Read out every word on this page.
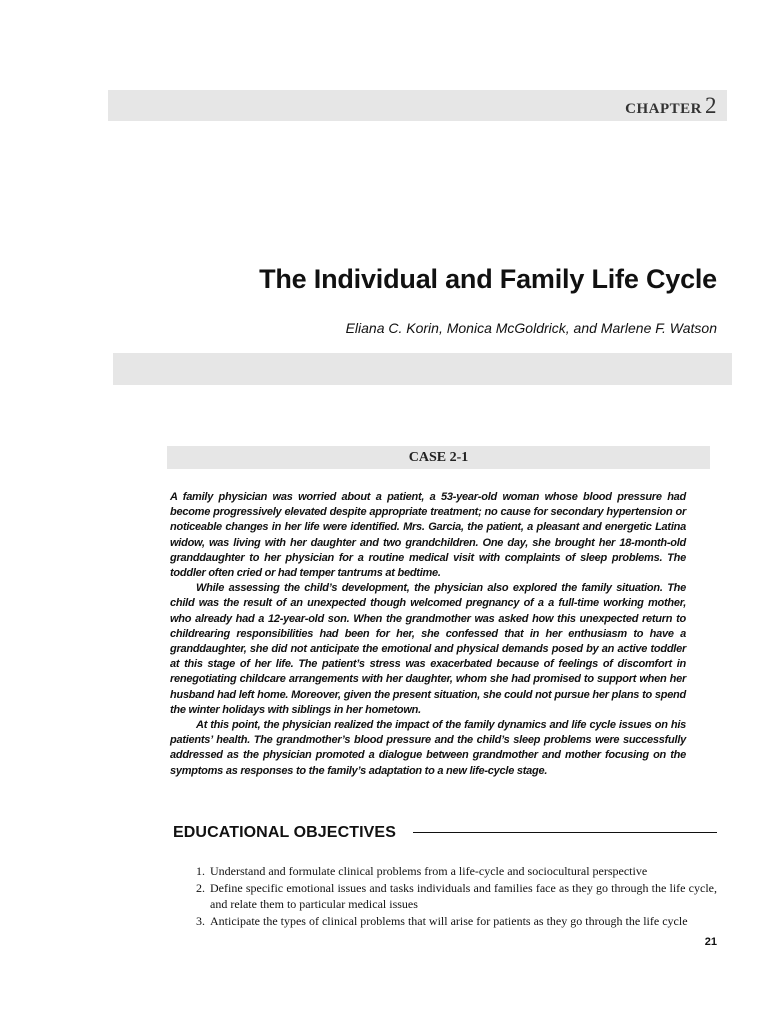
CHAPTER 2
The Individual and Family Life Cycle
Eliana C. Korin, Monica McGoldrick, and Marlene F. Watson
CASE 2-1

A family physician was worried about a patient, a 53-year-old woman whose blood pressure had become progressively elevated despite appropriate treatment; no cause for secondary hypertension or noticeable changes in her life were identified. Mrs. Garcia, the patient, a pleasant and energetic Latina widow, was living with her daughter and two grandchildren. One day, she brought her 18-month-old granddaughter to her physician for a routine medical visit with complaints of sleep problems. The toddler often cried or had temper tantrums at bedtime.

While assessing the child’s development, the physician also explored the family situation. The child was the result of an unexpected though welcomed pregnancy of a a full-time working mother, who already had a 12-year-old son. When the grandmother was asked how this unexpected return to childrearing responsibilities had been for her, she confessed that in her enthusiasm to have a granddaughter, she did not anticipate the emotional and physical demands posed by an active toddler at this stage of her life. The patient’s stress was exacerbated because of feelings of discomfort in renegotiating childcare arrangements with her daughter, whom she had promised to support when her husband had left home. Moreover, given the present situation, she could not pursue her plans to spend the winter holidays with siblings in her hometown.

At this point, the physician realized the impact of the family dynamics and life cycle issues on his patients’ health. The grandmother’s blood pressure and the child’s sleep problems were successfully addressed as the physician promoted a dialogue between grandmother and mother focusing on the symptoms as responses to the family’s adaptation to a new life-cycle stage.

EDUCATIONAL OBJECTIVES
1. Understand and formulate clinical problems from a life-cycle and sociocultural perspective
2. Define specific emotional issues and tasks individuals and families face as they go through the life cycle, and relate them to particular medical issues
3. Anticipate the types of clinical problems that will arise for patients as they go through the life cycle
21
